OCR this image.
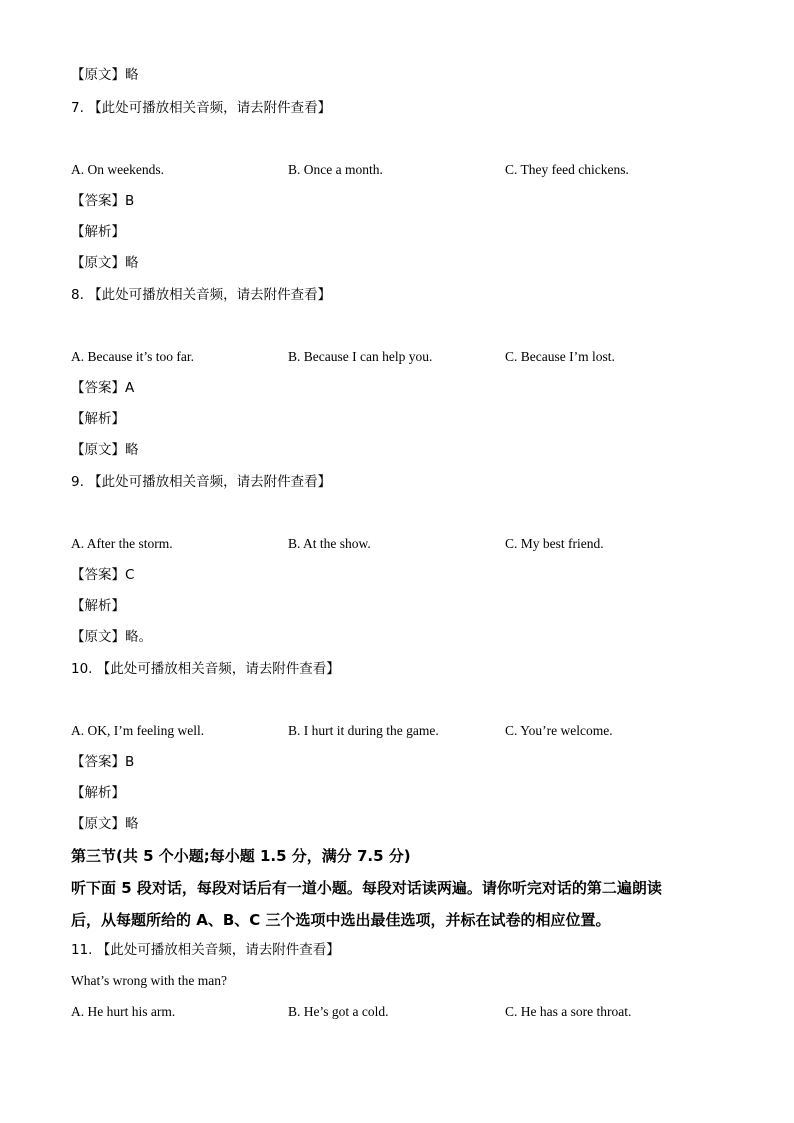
【原文】略
7. 【此处可播放相关音频，请去附件查看】
A. On weekends.	B. Once a month.	C. They feed chickens.
【答案】B
【解析】
【原文】略
8. 【此处可播放相关音频，请去附件查看】
A. Because it’s too far.	B. Because I can help you.	C. Because I’m lost.
【答案】A
【解析】
【原文】略
9. 【此处可播放相关音频，请去附件查看】
A. After the storm.	B. At the show.	C. My best friend.
【答案】C
【解析】
【原文】略。
10. 【此处可播放相关音频，请去附件查看】
A. OK, I’m feeling well.	B. I hurt it during the game.	C. You’re welcome.
【答案】B
【解析】
【原文】略
第三节(共 5 个小题;每小题 1.5 分，满分 7.5 分)
听下面 5 段对话，每段对话后有一道小题。每段对话读两遍。请你听完对话的第二遍朗读
后，从每题所给的 A、B、C 三个选项中选出最佳选项，并标在试卷的相应位置。
11. 【此处可播放相关音频，请去附件查看】
What’s wrong with the man?
A. He hurt his arm.	B. He’s got a cold.	C. He has a sore throat.
